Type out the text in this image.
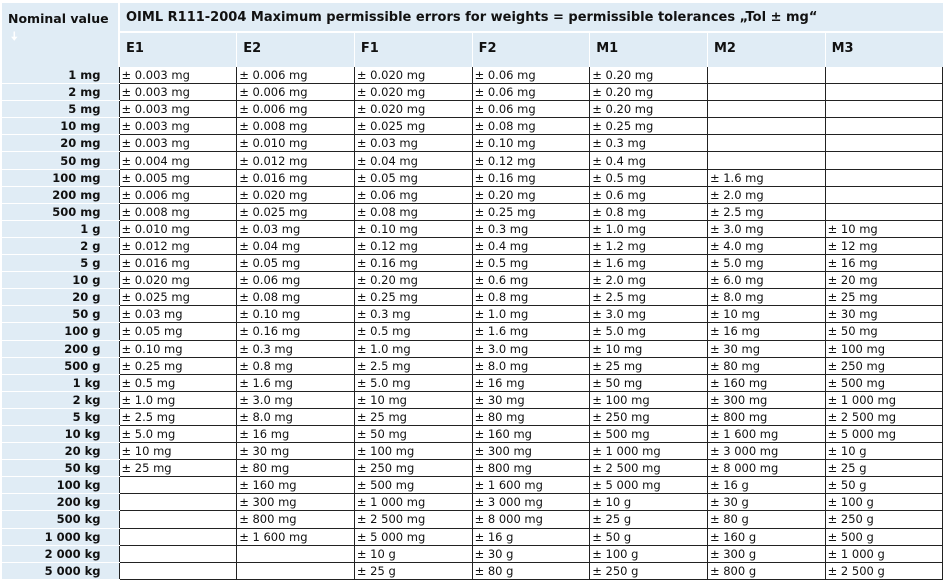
Nominal value
🠇	OIML R111-2004 Maximum permissible errors for weights = permissible tolerances „Tol ± mg“						
	E1	E2	F1	F2	M1	M2	M3
1 mg	± 0.003 mg	± 0.006 mg	± 0.020 mg	± 0.06 mg	± 0.20 mg		
2 mg	± 0.003 mg	± 0.006 mg	± 0.020 mg	± 0.06 mg	± 0.20 mg		
5 mg	± 0.003 mg	± 0.006 mg	± 0.020 mg	± 0.06 mg	± 0.20 mg		
10 mg	± 0.003 mg	± 0.008 mg	± 0.025 mg	± 0.08 mg	± 0.25 mg		
20 mg	± 0.003 mg	± 0.010 mg	± 0.03 mg	± 0.10 mg	± 0.3 mg		
50 mg	± 0.004 mg	± 0.012 mg	± 0.04 mg	± 0.12 mg	± 0.4 mg		
100 mg	± 0.005 mg	± 0.016 mg	± 0.05 mg	± 0.16 mg	± 0.5 mg	± 1.6 mg	
200 mg	± 0.006 mg	± 0.020 mg	± 0.06 mg	± 0.20 mg	± 0.6 mg	± 2.0 mg	
500 mg	± 0.008 mg	± 0.025 mg	± 0.08 mg	± 0.25 mg	± 0.8 mg	± 2.5 mg	
1 g	± 0.010 mg	± 0.03 mg	± 0.10 mg	± 0.3 mg	± 1.0 mg	± 3.0 mg	± 10 mg
2 g	± 0.012 mg	± 0.04 mg	± 0.12 mg	± 0.4 mg	± 1.2 mg	± 4.0 mg	± 12 mg
5 g	± 0.016 mg	± 0.05 mg	± 0.16 mg	± 0.5 mg	± 1.6 mg	± 5.0 mg	± 16 mg
10 g	± 0.020 mg	± 0.06 mg	± 0.20 mg	± 0.6 mg	± 2.0 mg	± 6.0 mg	± 20 mg
20 g	± 0.025 mg	± 0.08 mg	± 0.25 mg	± 0.8 mg	± 2.5 mg	± 8.0 mg	± 25 mg
50 g	± 0.03 mg	± 0.10 mg	± 0.3 mg	± 1.0 mg	± 3.0 mg	± 10 mg	± 30 mg
100 g	± 0.05 mg	± 0.16 mg	± 0.5 mg	± 1.6 mg	± 5.0 mg	± 16 mg	± 50 mg
200 g	± 0.10 mg	± 0.3 mg	± 1.0 mg	± 3.0 mg	± 10 mg	± 30 mg	± 100 mg
500 g	± 0.25 mg	± 0.8 mg	± 2.5 mg	± 8.0 mg	± 25 mg	± 80 mg	± 250 mg
1 kg	± 0.5 mg	± 1.6 mg	± 5.0 mg	± 16 mg	± 50 mg	± 160 mg	± 500 mg
2 kg	± 1.0 mg	± 3.0 mg	± 10 mg	± 30 mg	± 100 mg	± 300 mg	± 1 000 mg
5 kg	± 2.5 mg	± 8.0 mg	± 25 mg	± 80 mg	± 250 mg	± 800 mg	± 2 500 mg
10 kg	± 5.0 mg	± 16 mg	± 50 mg	± 160 mg	± 500 mg	± 1 600 mg	± 5 000 mg
20 kg	± 10 mg	± 30 mg	± 100 mg	± 300 mg	± 1 000 mg	± 3 000 mg	± 10 g
50 kg	± 25 mg	± 80 mg	± 250 mg	± 800 mg	± 2 500 mg	± 8 000 mg	± 25 g
100 kg		± 160 mg	± 500 mg	± 1 600 mg	± 5 000 mg	± 16 g	± 50 g
200 kg		± 300 mg	± 1 000 mg	± 3 000 mg	± 10 g	± 30 g	± 100 g
500 kg		± 800 mg	± 2 500 mg	± 8 000 mg	± 25 g	± 80 g	± 250 g
1 000 kg		± 1 600 mg	± 5 000 mg	± 16 g	± 50 g	± 160 g	± 500 g
2 000 kg			± 10 g	± 30 g	± 100 g	± 300 g	± 1 000 g
5 000 kg			± 25 g	± 80 g	± 250 g	± 800 g	± 2 500 g
